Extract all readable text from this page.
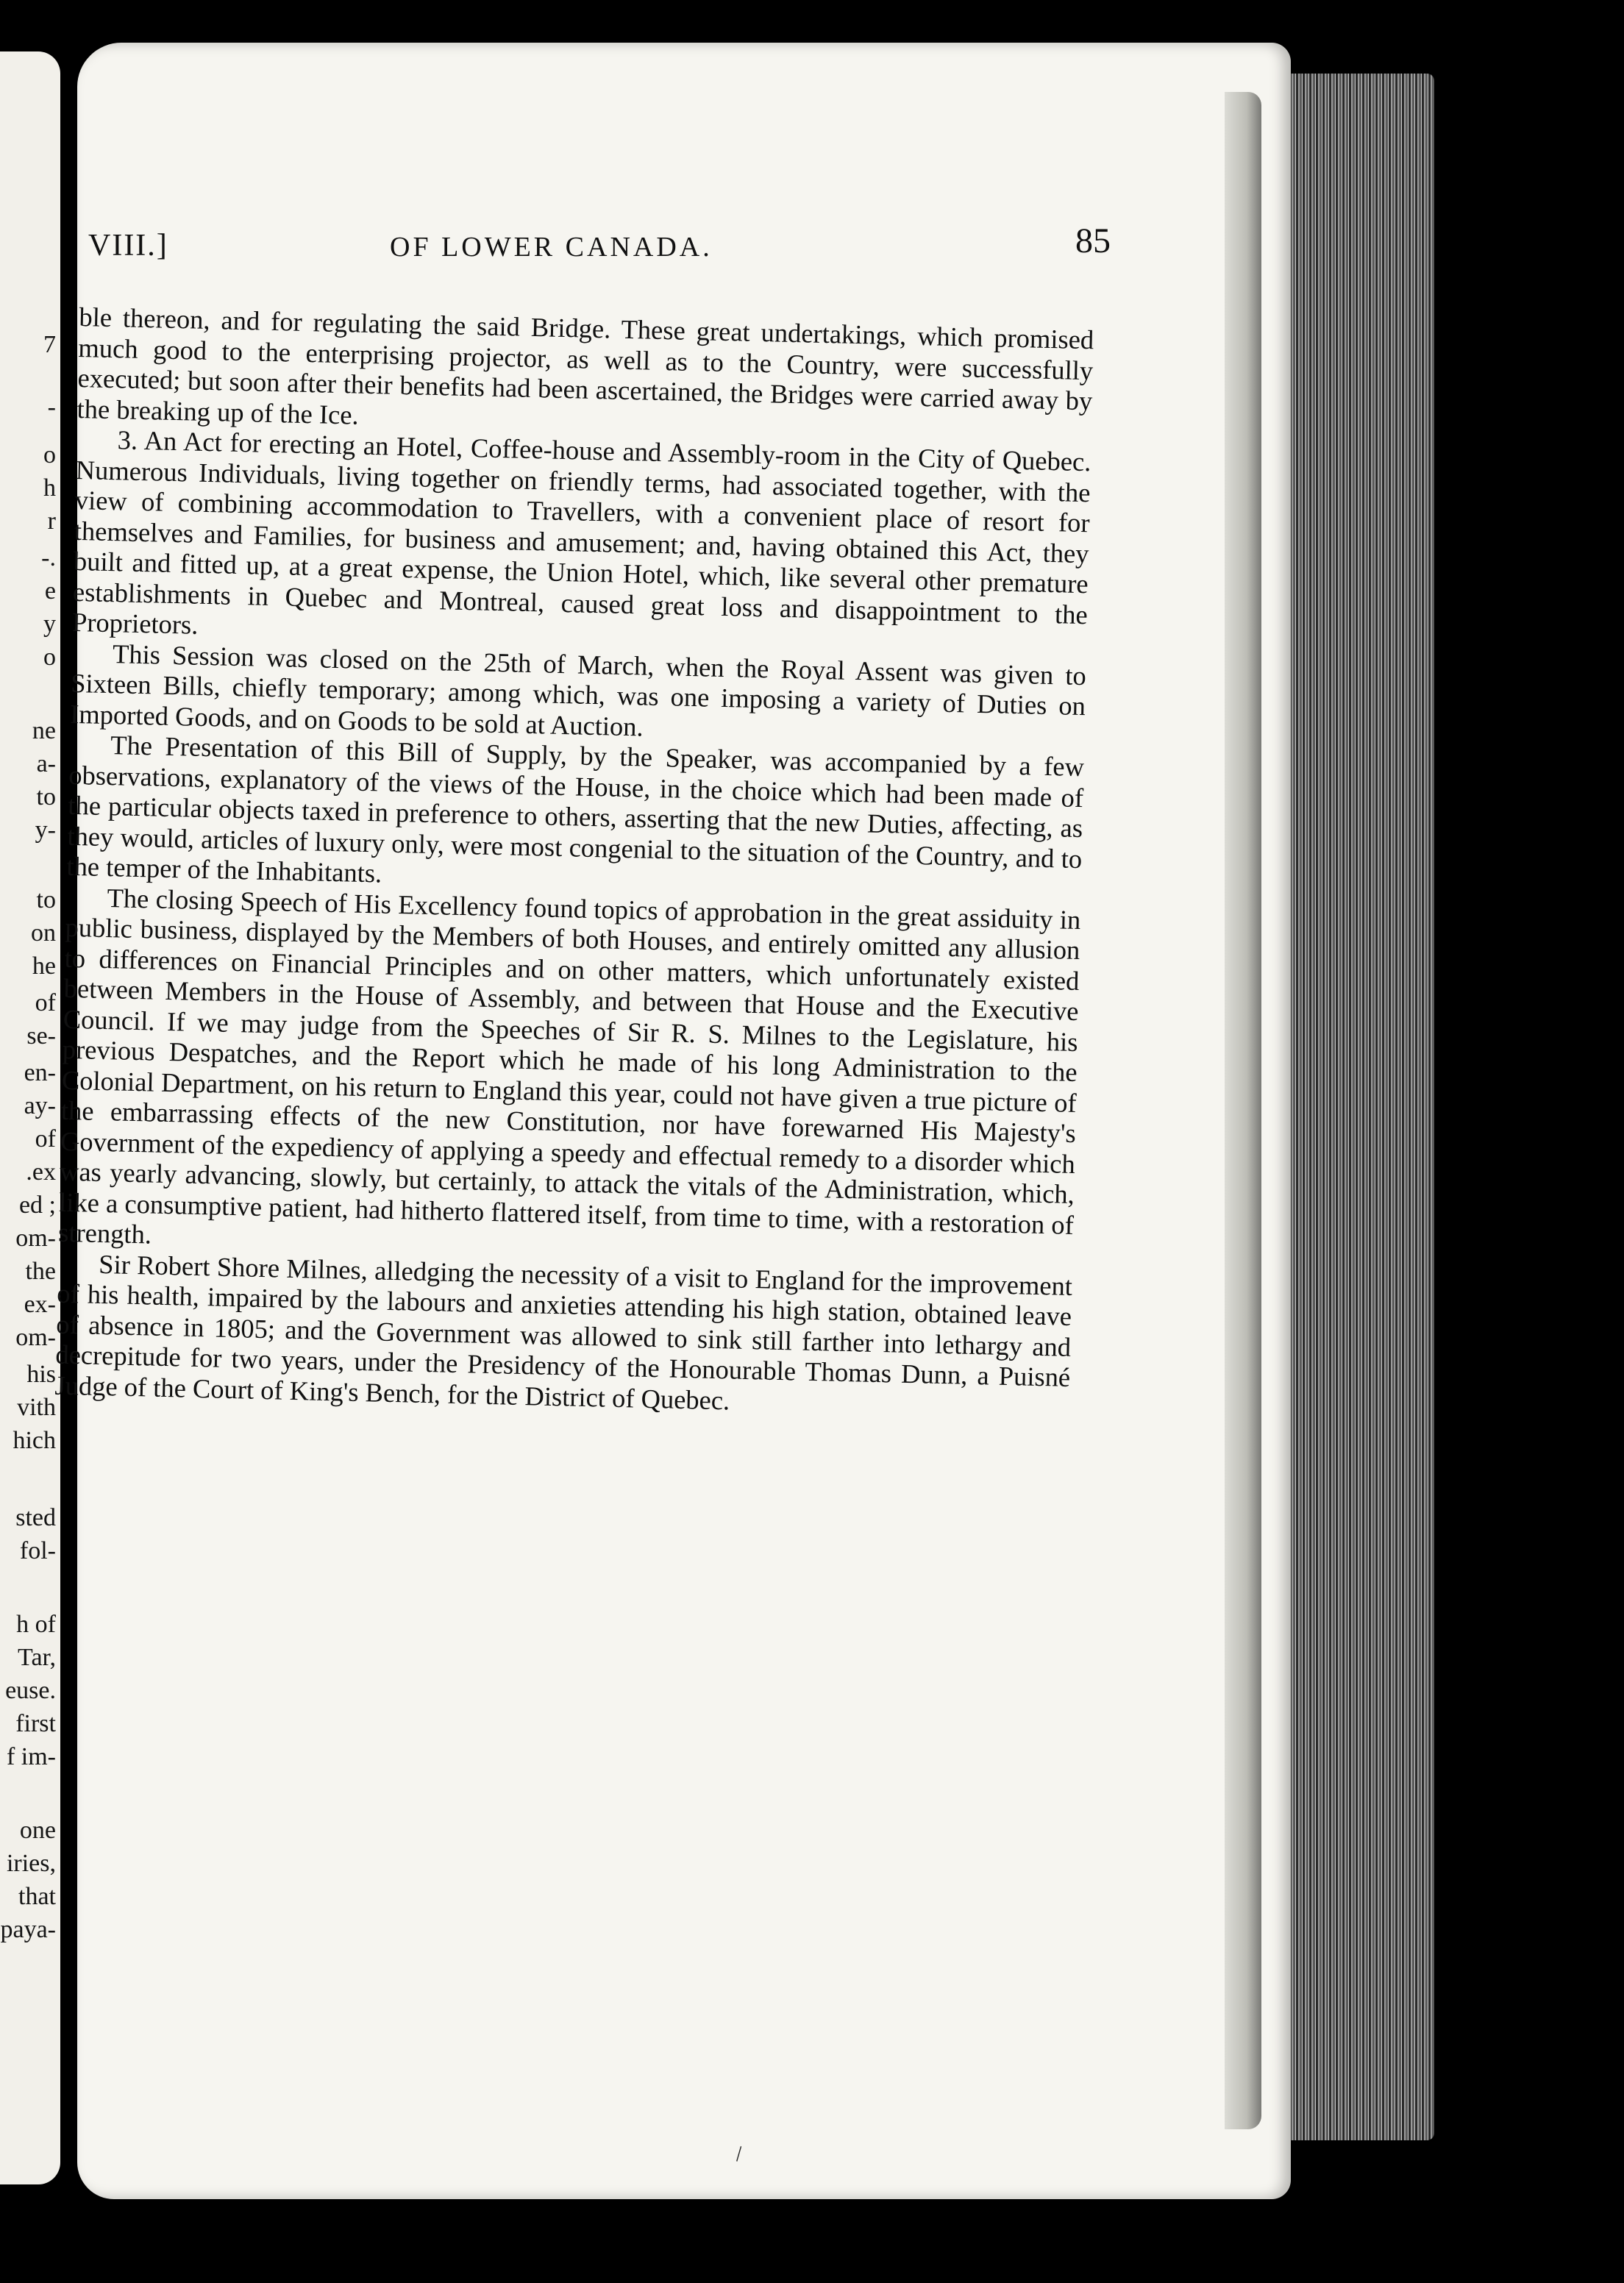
7

-

o

h

r

-.

e

y

o

ne

a-

to

y-

to

on

he

of

se-

en-

ay-

of

.ex

ed ;

om-

the

ex-

om-

his

vith

hich

sted

fol-

h of

Tar,

euse.

first

f im-

one

iries,

that

paya-

VIII.]	OF LOWER CANADA.	85

ble thereon, and for regulating the said Bridge. These great undertakings, which promised much good to the enterprising projector, as well as to the Country, were successfully executed; but soon after their benefits had been ascertained, the Bridges were carried away by the breaking up of the Ice.

3. An Act for erecting an Hotel, Coffee-house and Assembly-room in the City of Quebec. Numerous Individuals, living together on friendly terms, had associated together, with the view of combining accommodation to Travellers, with a convenient place of resort for themselves and Families, for business and amusement; and, having obtained this Act, they built and fitted up, at a great expense, the Union Hotel, which, like several other premature establishments in Quebec and Montreal, caused great loss and disappointment to the Proprietors.

This Session was closed on the 25th of March, when the Royal Assent was given to Sixteen Bills, chiefly temporary; among which, was one imposing a variety of Duties on Imported Goods, and on Goods to be sold at Auction.

The Presentation of this Bill of Supply, by the Speaker, was accompanied by a few observations, explanatory of the views of the House, in the choice which had been made of the particular objects taxed in preference to others, asserting that the new Duties, affecting, as they would, articles of luxury only, were most congenial to the situation of the Country, and to the temper of the Inhabitants.

The closing Speech of His Excellency found topics of approbation in the great assiduity in public business, displayed by the Members of both Houses, and entirely omitted any allusion to differences on Financial Principles and on other matters, which unfortunately existed between Members in the House of Assembly, and between that House and the Executive Council. If we may judge from the Speeches of Sir R. S. Milnes to the Legislature, his previous Despatches, and the Report which he made of his long Administration to the Colonial Department, on his return to England this year, could not have given a true picture of the embarrassing effects of the new Constitution, nor have forewarned His Majesty's Government of the expediency of applying a speedy and effectual remedy to a disorder which was yearly advancing, slowly, but certainly, to attack the vitals of the Administration, which, like a consumptive patient, had hitherto flattered itself, from time to time, with a restoration of strength.

Sir Robert Shore Milnes, alledging the necessity of a visit to England for the improvement of his health, impaired by the labours and anxieties attending his high station, obtained leave of absence in 1805; and the Government was allowed to sink still farther into lethargy and decrepitude for two years, under the Presidency of the Honourable Thomas Dunn, a Puisné Judge of the Court of King's Bench, for the District of Quebec.

\
